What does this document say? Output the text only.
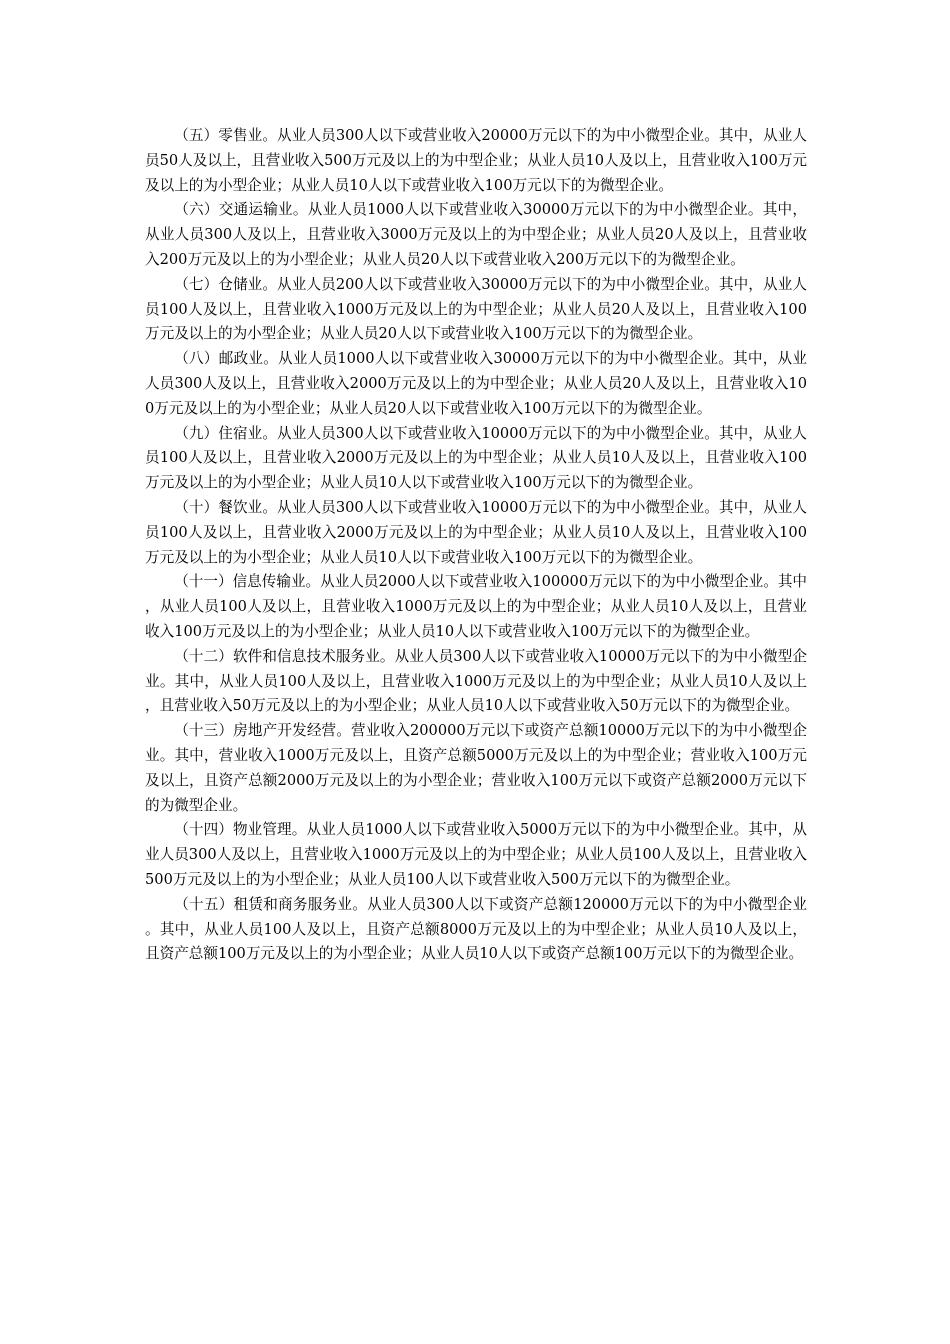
（五）零售业。从业人员300人以下或营业收入20000万元以下的为中小微型企业。其中，从业人员50人及以上，且营业收入500万元及以上的为中型企业；从业人员10人及以上，且营业收入100万元及以上的为小型企业；从业人员10人以下或营业收入100万元以下的为微型企业。

（六）交通运输业。从业人员1000人以下或营业收入30000万元以下的为中小微型企业。其中，从业人员300人及以上，且营业收入3000万元及以上的为中型企业；从业人员20人及以上，且营业收入200万元及以上的为小型企业；从业人员20人以下或营业收入200万元以下的为微型企业。

（七）仓储业。从业人员200人以下或营业收入30000万元以下的为中小微型企业。其中，从业人员100人及以上，且营业收入1000万元及以上的为中型企业；从业人员20人及以上，且营业收入100万元及以上的为小型企业；从业人员20人以下或营业收入100万元以下的为微型企业。

（八）邮政业。从业人员1000人以下或营业收入30000万元以下的为中小微型企业。其中，从业人员300人及以上，且营业收入2000万元及以上的为中型企业；从业人员20人及以上，且营业收入100万元及以上的为小型企业；从业人员20人以下或营业收入100万元以下的为微型企业。

（九）住宿业。从业人员300人以下或营业收入10000万元以下的为中小微型企业。其中，从业人员100人及以上，且营业收入2000万元及以上的为中型企业；从业人员10人及以上，且营业收入100万元及以上的为小型企业；从业人员10人以下或营业收入100万元以下的为微型企业。

（十）餐饮业。从业人员300人以下或营业收入10000万元以下的为中小微型企业。其中，从业人员100人及以上，且营业收入2000万元及以上的为中型企业；从业人员10人及以上，且营业收入100万元及以上的为小型企业；从业人员10人以下或营业收入100万元以下的为微型企业。

（十一）信息传输业。从业人员2000人以下或营业收入100000万元以下的为中小微型企业。其中，从业人员100人及以上，且营业收入1000万元及以上的为中型企业；从业人员10人及以上，且营业收入100万元及以上的为小型企业；从业人员10人以下或营业收入100万元以下的为微型企业。

（十二）软件和信息技术服务业。从业人员300人以下或营业收入10000万元以下的为中小微型企业。其中，从业人员100人及以上，且营业收入1000万元及以上的为中型企业；从业人员10人及以上，且营业收入50万元及以上的为小型企业；从业人员10人以下或营业收入50万元以下的为微型企业。

（十三）房地产开发经营。营业收入200000万元以下或资产总额10000万元以下的为中小微型企业。其中，营业收入1000万元及以上，且资产总额5000万元及以上的为中型企业；营业收入100万元及以上，且资产总额2000万元及以上的为小型企业；营业收入100万元以下或资产总额2000万元以下的为微型企业。

（十四）物业管理。从业人员1000人以下或营业收入5000万元以下的为中小微型企业。其中，从业人员300人及以上，且营业收入1000万元及以上的为中型企业；从业人员100人及以上，且营业收入500万元及以上的为小型企业；从业人员100人以下或营业收入500万元以下的为微型企业。

（十五）租赁和商务服务业。从业人员300人以下或资产总额120000万元以下的为中小微型企业。其中，从业人员100人及以上，且资产总额8000万元及以上的为中型企业；从业人员10人及以上，且资产总额100万元及以上的为小型企业；从业人员10人以下或资产总额100万元以下的为微型企业。
